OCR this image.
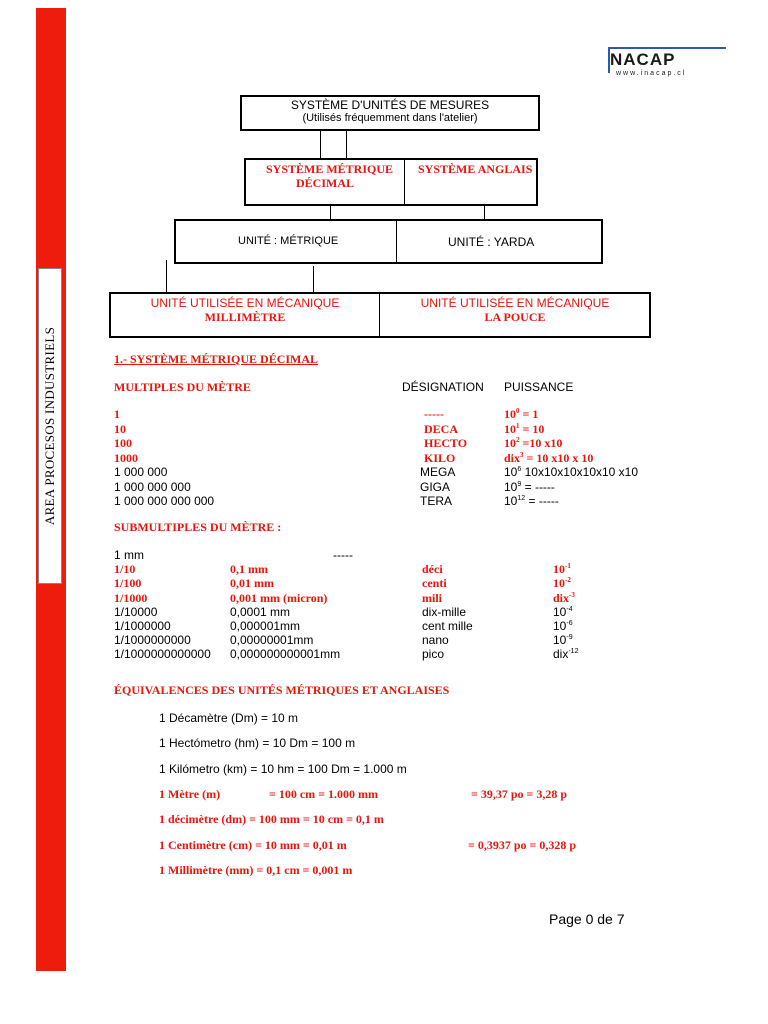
AREA PROCESOS INDUSTRIELS
NACAP
www.inacap.cl
SYSTÈME D'UNITÉS DE MESURES
(Utilisés fréquemment dans l'atelier)
SYSTÈME MÉTRIQUE
DÉCIMAL
SYSTÈME ANGLAIS
UNITÉ : MÉTRIQUE	UNITÉ : YARDA
UNITÉ UTILISÉE EN MÉCANIQUE
MILLIMÈTRE
UNITÉ UTILISÉE EN MÉCANIQUE
LA POUCE
1.- SYSTÈME MÉTRIQUE DÉCIMAL
MULTIPLES DU MÈTRE	DÉSIGNATION PUISSANCE
1	-----	$10^0 = 1$
10	DECA	$10^1 = 10$
100	HECTO	$10^2 =10$ x10
1000	KILO	dix$^3$ = 10 x10 x 10
1 000 000	MEGA	$10^6$ 10x10x10x10x10 x10
1 000 000 000	GIGA	$10^9$ = -----
1 000 000 000 000	TERA	$10^{12}$ = -----
SUBMULTIPLES DU MÈTRE :
1 mm	-----
1/10	0,1 mm	déci	$10^{-1}$
1/100	0,01 mm	centi	$10^{-2}$
1/1000	0,001 mm (micron)	mili	dix$^{-3}$
1/10000	0,0001 mm	dix-mille	$10^{-4}$
1/1000000	0,000001mm	cent mille	$10^{-6}$
1/1000000000	0,00000001mm	nano	$10^{-9}$
1/1000000000000 0,000000000001mm	pico	dix$^{-12}$
ÉQUIVALENCES DES UNITÉS MÉTRIQUES ET ANGLAISES
1 Décamètre (Dm) = 10 m
1 Hectómetro (hm) = 10 Dm = 100 m
1 Kilómetro (km) = 10 hm = 100 Dm = 1.000 m
1 Mètre (m)	= 100 cm = 1.000 mm	= 39,37 po = 3,28 p
1 décimètre (dm) = 100 mm = 10 cm = 0,1 m
1 Centimètre (cm) = 10 mm = 0,01 m	= 0,3937 po = 0,328 p
1 Millimètre (mm) = 0,1 cm = 0,001 m
Page 0 de 7
